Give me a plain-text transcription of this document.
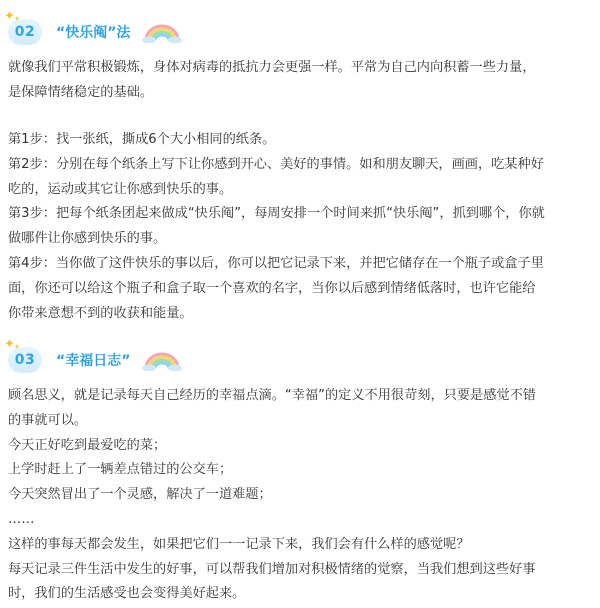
✦ ✦
02 “快乐阄”法

就像我们平常积极锻炼，身体对病毒的抵抗力会更强一样。平常为自己内向积蓄一些力量，

是保障情绪稳定的基础。

第1步：找一张纸，撕成6个大小相同的纸条。

第2步：分别在每个纸条上写下让你感到开心、美好的事情。如和朋友聊天，画画，吃某种好

吃的，运动或其它让你感到快乐的事。

第3步：把每个纸条团起来做成“快乐阄”，每周安排一个时间来抓“快乐阄”，抓到哪个，你就

做哪件让你感到快乐的事。

第4步：当你做了这件快乐的事以后，你可以把它记录下来，并把它储存在一个瓶子或盒子里

面，你还可以给这个瓶子和盒子取一个喜欢的名字，当你以后感到情绪低落时，也许它能给

你带来意想不到的收获和能量。

✦ ✦
03 “幸福日志”

顾名思义，就是记录每天自己经历的幸福点滴。“幸福”的定义不用很苛刻，只要是感觉不错

的事就可以。

今天正好吃到最爱吃的菜；

上学时赶上了一辆差点错过的公交车；

今天突然冒出了一个灵感，解决了一道难题；

……

这样的事每天都会发生，如果把它们一一记录下来，我们会有什么样的感觉呢？

每天记录三件生活中发生的好事，可以帮我们增加对积极情绪的觉察，当我们想到这些好事

时，我们的生活感受也会变得美好起来。
